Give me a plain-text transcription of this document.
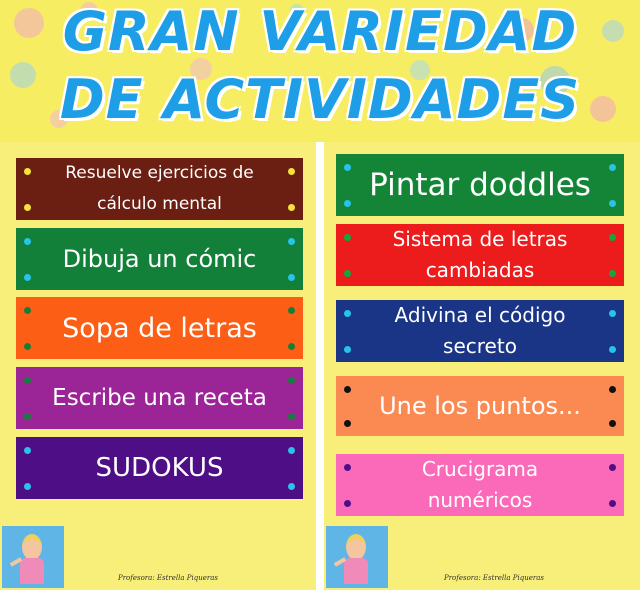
GRAN VARIEDAD
DE ACTIVIDADES
Resuelve ejercicios de cálculo mental
Dibuja un cómic
Sopa de letras
Escribe una receta
SUDOKUS
Pintar doddles
Sistema de letras cambiadas
Adivina el código secreto
Une los puntos...
Crucigrama numéricos
Profesora: Estrella Piqueras	Profesora: Estrella Piqueras
